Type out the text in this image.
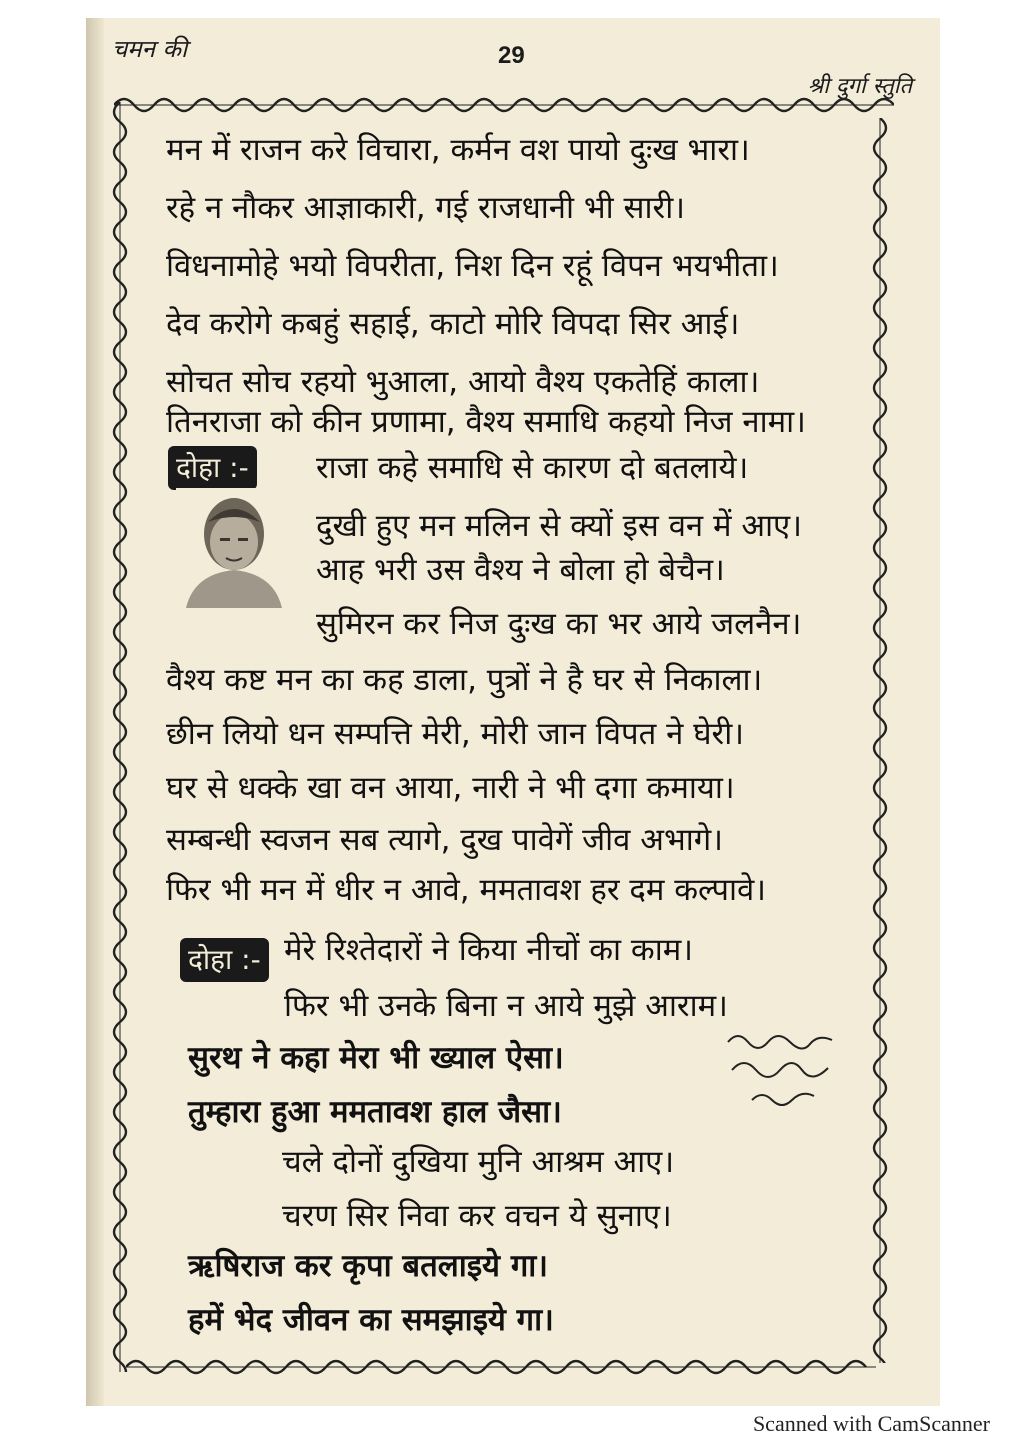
चमन की	29
श्री दुर्गा स्तुति
मन में राजन करे विचारा, कर्मन वश पायो दुःख भारा।
रहे न नौकर आज्ञाकारी, गई राजधानी भी सारी।
विधनामोहे भयो विपरीता, निश दिन रहूं विपन भयभीता।
देव करोगे कबहुं सहाई, काटो मोरि विपदा सिर आई।
सोचत सोच रहयो भुआला, आयो वैश्य एकतेहिं काला।
तिनराजा को कीन प्रणामा, वैश्य समाधि कहयो निज नामा।
दोहा :- राजा कहे समाधि से कारण दो बतलाये।
दुखी हुए मन मलिन से क्यों इस वन में आए।
आह भरी उस वैश्य ने बोला हो बेचैन।
सुमिरन कर निज दुःख का भर आये जलनैन।
वैश्य कष्ट मन का कह डाला, पुत्रों ने है घर से निकाला।
छीन लियो धन सम्पत्ति मेरी, मोरी जान विपत ने घेरी।
घर से धक्के खा वन आया, नारी ने भी दगा कमाया।
सम्बन्धी स्वजन सब त्यागे, दुख पावेगें जीव अभागे।
फिर भी मन में धीर न आवे, ममतावश हर दम कल्पावे।
दोहा :- मेरे रिश्तेदारों ने किया नीचों का काम।
फिर भी उनके बिना न आये मुझे आराम।
सुरथ ने कहा मेरा भी ख्याल ऐसा।
तुम्हारा हुआ ममतावश हाल जैसा।
चले दोनों दुखिया मुनि आश्रम आए।
चरण सिर निवा कर वचन ये सुनाए।
ऋषिराज कर कृपा बतलाइये गा।
हमें भेद जीवन का समझाइये गा।
Scanned with CamScanner
